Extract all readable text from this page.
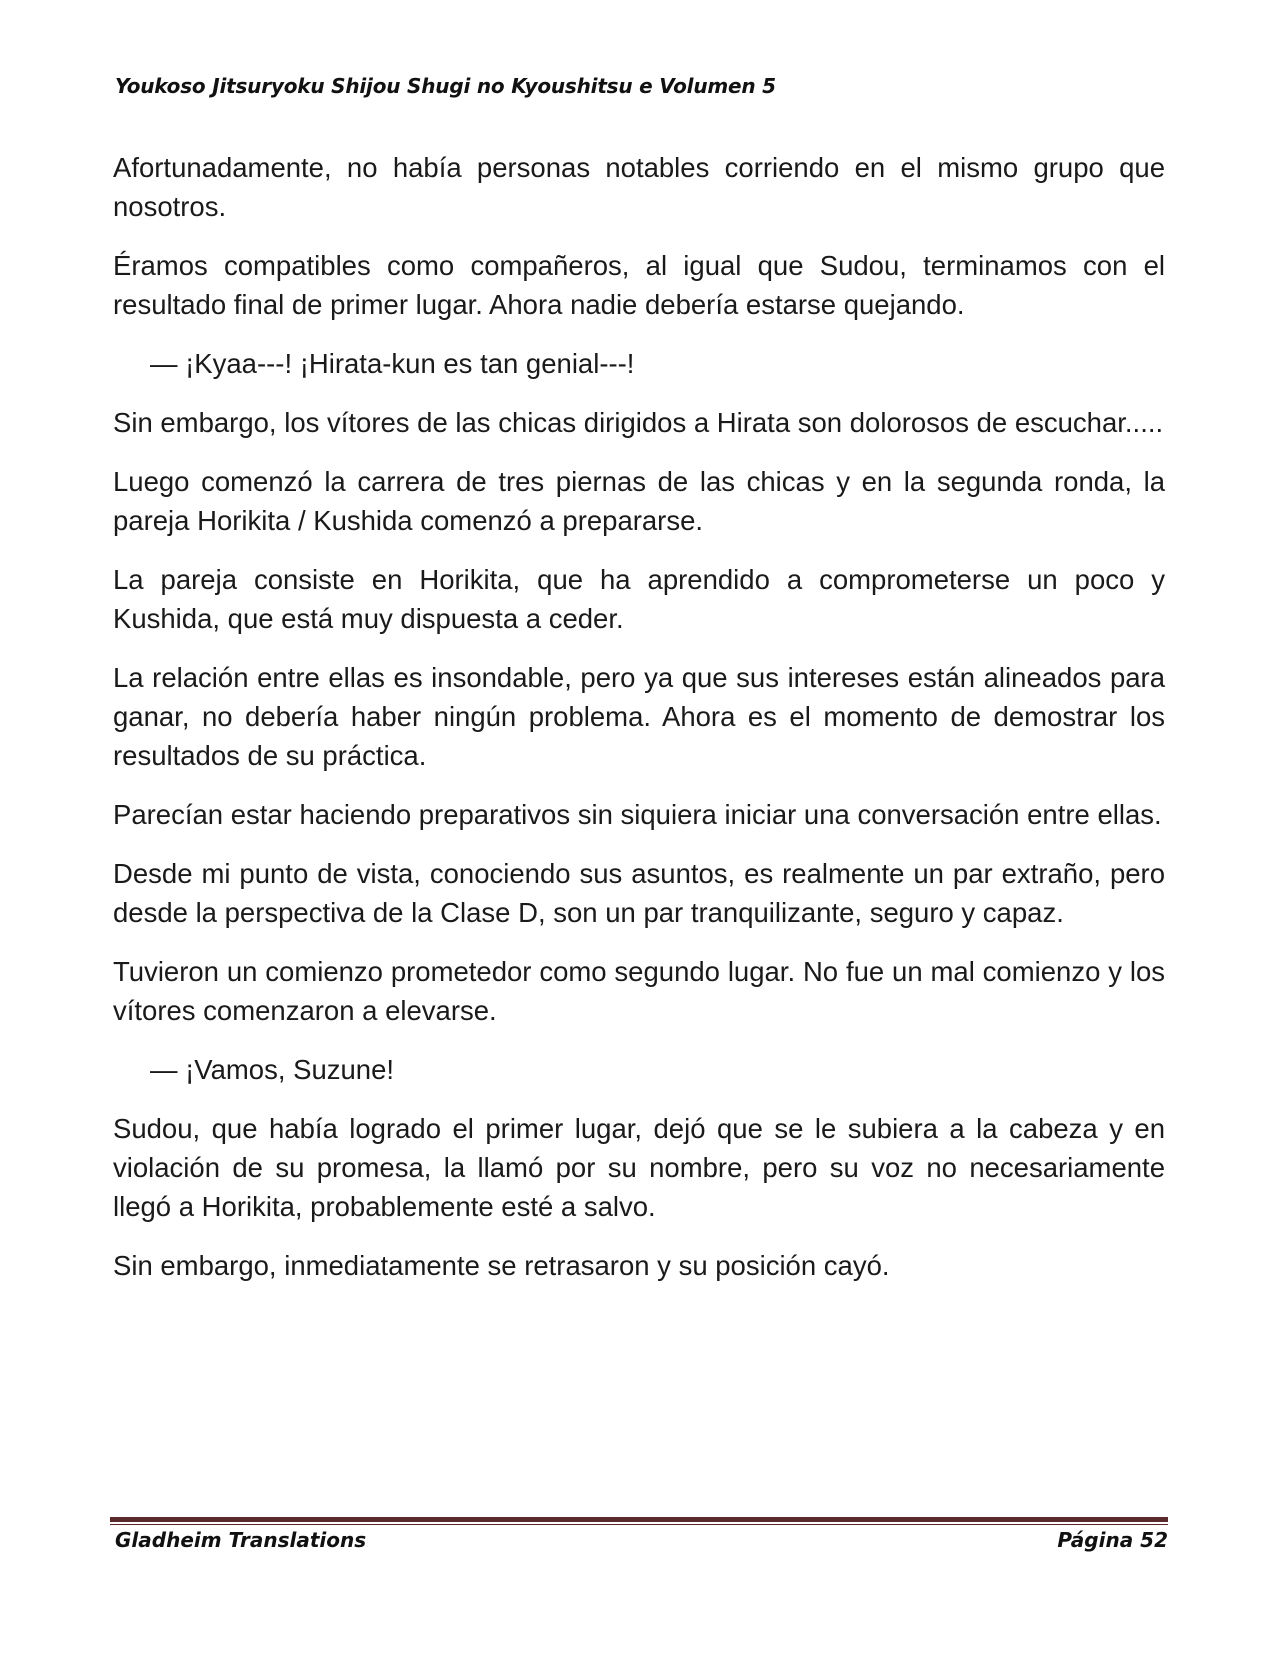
Youkoso Jitsuryoku Shijou Shugi no Kyoushitsu e Volumen 5

Afortunadamente, no había personas notables corriendo en el mismo grupo que nosotros.

Éramos compatibles como compañeros, al igual que Sudou, terminamos con el resultado final de primer lugar. Ahora nadie debería estarse quejando.

— ¡Kyaa---! ¡Hirata-kun es tan genial---!

Sin embargo, los vítores de las chicas dirigidos a Hirata son dolorosos de escuchar.....

Luego comenzó la carrera de tres piernas de las chicas y en la segunda ronda, la pareja Horikita / Kushida comenzó a prepararse.

La pareja consiste en Horikita, que ha aprendido a comprometerse un poco y Kushida, que está muy dispuesta a ceder.

La relación entre ellas es insondable, pero ya que sus intereses están alineados para ganar, no debería haber ningún problema. Ahora es el momento de demostrar los resultados de su práctica.

Parecían estar haciendo preparativos sin siquiera iniciar una conversación entre ellas.

Desde mi punto de vista, conociendo sus asuntos, es realmente un par extraño, pero desde la perspectiva de la Clase D, son un par tranquilizante, seguro y capaz.

Tuvieron un comienzo prometedor como segundo lugar. No fue un mal comienzo y los vítores comenzaron a elevarse.

— ¡Vamos, Suzune!

Sudou, que había logrado el primer lugar, dejó que se le subiera a la cabeza y en violación de su promesa, la llamó por su nombre, pero su voz no necesariamente llegó a Horikita, probablemente esté a salvo.

Sin embargo, inmediatamente se retrasaron y su posición cayó.

Gladheim Translations	Página 52
